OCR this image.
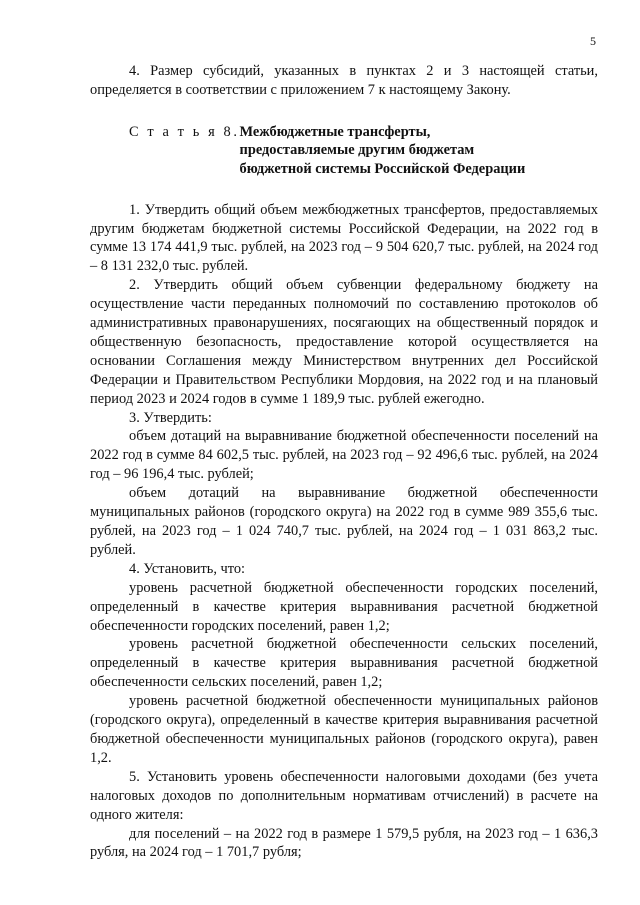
5

4. Размер субсидий, указанных в пунктах 2 и 3 настоящей статьи, определяется в соответствии с приложением 7 к настоящему Закону.

С т а т ь я 8. Межбюджетные трансферты,
предоставляемые другим бюджетам
бюджетной системы Российской Федерации

1. Утвердить общий объем межбюджетных трансфертов, предоставляемых другим бюджетам бюджетной системы Российской Федерации, на 2022 год в сумме 13 174 441,9 тыс. рублей, на 2023 год – 9 504 620,7 тыс. рублей, на 2024 год – 8 131 232,0 тыс. рублей.

2. Утвердить общий объем субвенции федеральному бюджету на осуществление части переданных полномочий по составлению протоколов об административных правонарушениях, посягающих на общественный порядок и общественную безопасность, предоставление которой осуществляется на основании Соглашения между Министерством внутренних дел Российской Федерации и Правительством Республики Мордовия, на 2022 год и на плановый период 2023 и 2024 годов в сумме 1 189,9 тыс. рублей ежегодно.

3. Утвердить:

объем дотаций на выравнивание бюджетной обеспеченности поселений на 2022 год в сумме 84 602,5 тыс. рублей, на 2023 год – 92 496,6 тыс. рублей, на 2024 год – 96 196,4 тыс. рублей;

объем дотаций на выравнивание бюджетной обеспеченности муниципальных районов (городского округа) на 2022 год в сумме 989 355,6 тыс. рублей, на 2023 год – 1 024 740,7 тыс. рублей, на 2024 год – 1 031 863,2 тыс. рублей.

4. Установить, что:

уровень расчетной бюджетной обеспеченности городских поселений, определенный в качестве критерия выравнивания расчетной бюджетной обеспеченности городских поселений, равен 1,2;

уровень расчетной бюджетной обеспеченности сельских поселений, определенный в качестве критерия выравнивания расчетной бюджетной обеспеченности сельских поселений, равен 1,2;

уровень расчетной бюджетной обеспеченности муниципальных районов (городского округа), определенный в качестве критерия выравнивания расчетной бюджетной обеспеченности муниципальных районов (городского округа), равен 1,2.

5. Установить уровень обеспеченности налоговыми доходами (без учета налоговых доходов по дополнительным нормативам отчислений) в расчете на одного жителя:

для поселений – на 2022 год в размере 1 579,5 рубля, на 2023 год – 1 636,3 рубля, на 2024 год – 1 701,7 рубля;
